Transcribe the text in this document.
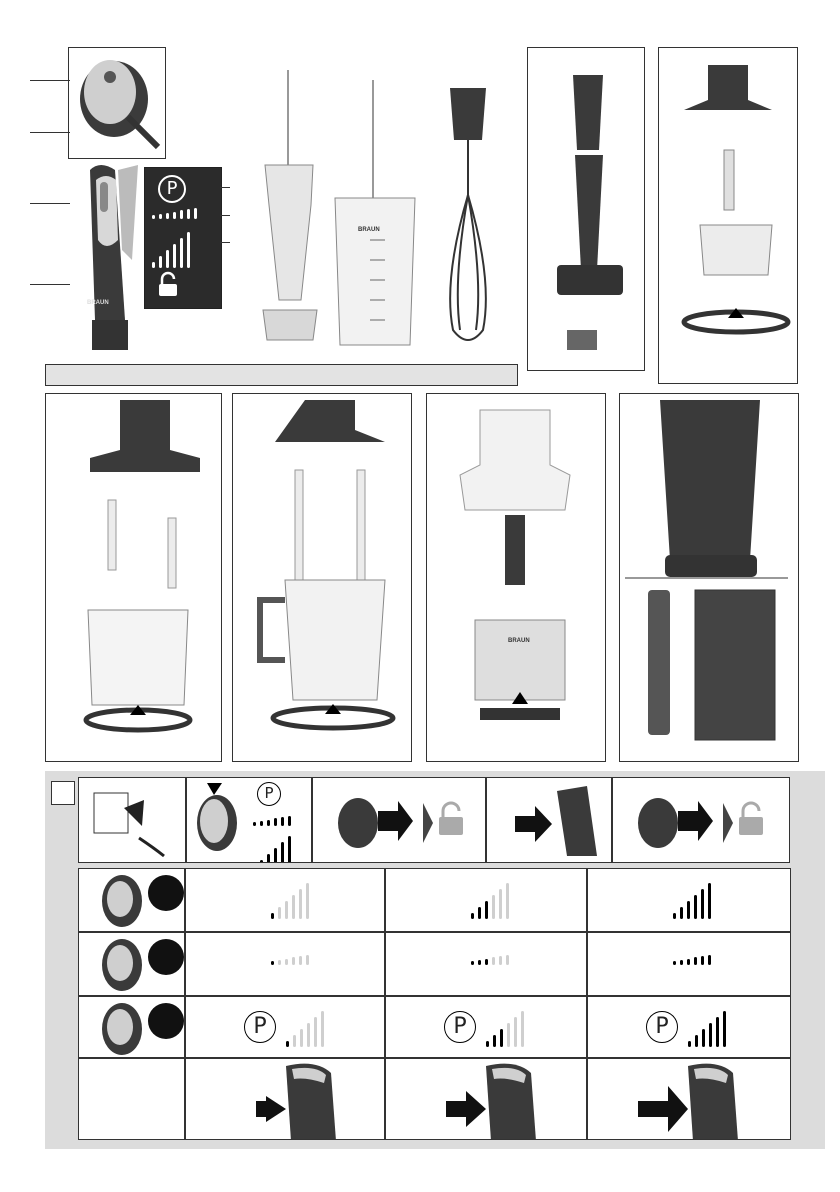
BRAUN
P
BRAUN
BRAUN
P
P	P	P
